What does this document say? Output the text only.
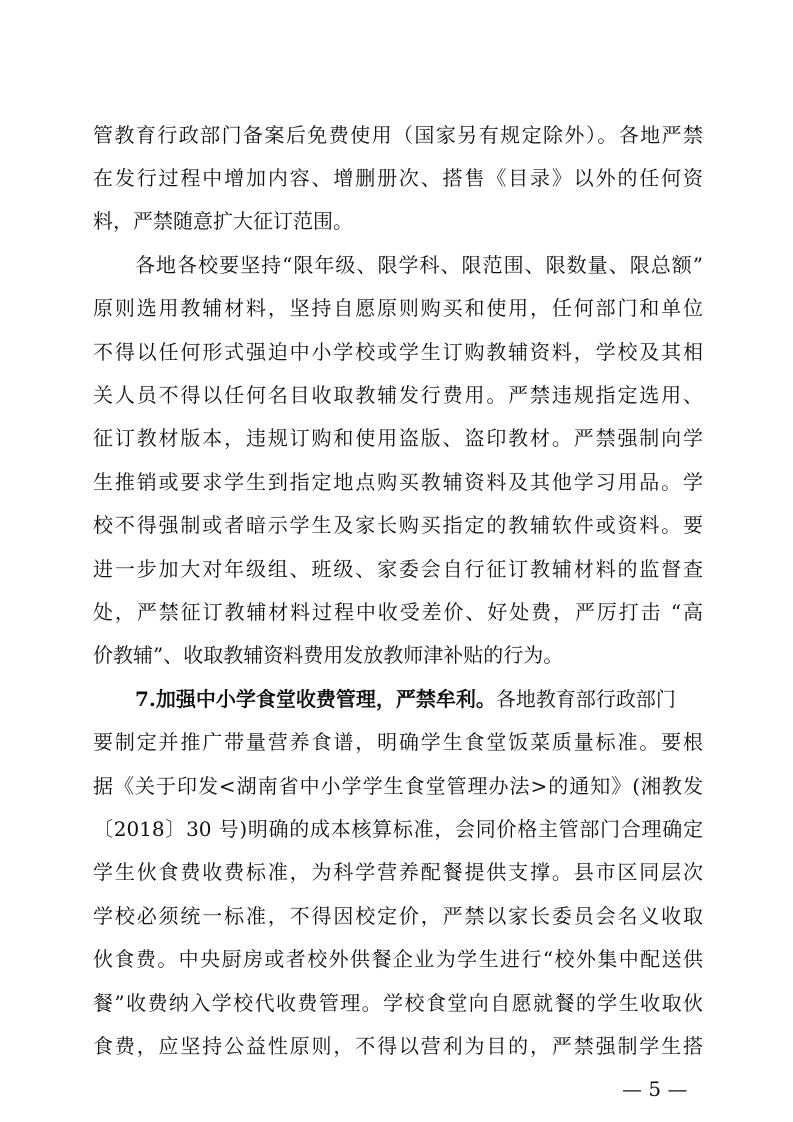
管教育行政部门备案后免费使用（国家另有规定除外）。各地严禁
在发行过程中增加内容、增删册次、搭售《目录》以外的任何资
料，严禁随意扩大征订范围。
各地各校要坚持“限年级、限学科、限范围、限数量、限总额”
原则选用教辅材料，坚持自愿原则购买和使用，任何部门和单位
不得以任何形式强迫中小学校或学生订购教辅资料，学校及其相
关人员不得以任何名目收取教辅发行费用。严禁违规指定选用、
征订教材版本，违规订购和使用盗版、盗印教材。严禁强制向学
生推销或要求学生到指定地点购买教辅资料及其他学习用品。学
校不得强制或者暗示学生及家长购买指定的教辅软件或资料。要
进一步加大对年级组、班级、家委会自行征订教辅材料的监督查
处，严禁征订教辅材料过程中收受差价、好处费，严厉打击 “高
价教辅”、收取教辅资料费用发放教师津补贴的行为。
7.加强中小学食堂收费管理，严禁牟利。各地教育部行政部门
要制定并推广带量营养食谱，明确学生食堂饭菜质量标准。要根
据《关于印发<湖南省中小学学生食堂管理办法>的通知》(湘教发
〔2018〕30 号)明确的成本核算标准，会同价格主管部门合理确定
学生伙食费收费标准，为科学营养配餐提供支撑。县市区同层次
学校必须统一标准，不得因校定价，严禁以家长委员会名义收取
伙食费。中央厨房或者校外供餐企业为学生进行“校外集中配送供
餐”收费纳入学校代收费管理。学校食堂向自愿就餐的学生收取伙
食费，应坚持公益性原则，不得以营利为目的，严禁强制学生搭
— 5 —
